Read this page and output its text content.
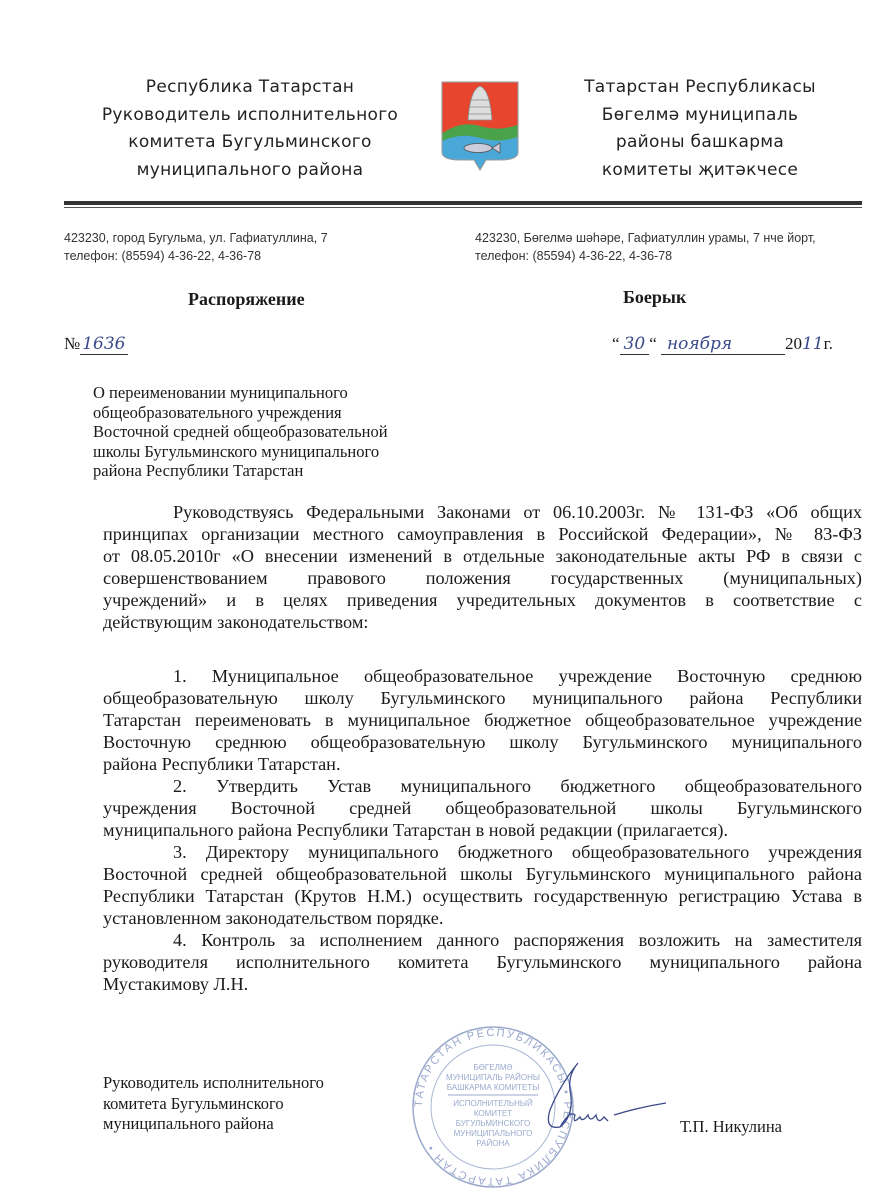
Республика Татарстан
Руководитель исполнительного
комитета Бугульминского
муниципального района
Татарстан Республикасы
Бөгелмә муниципаль
районы башкарма
комитеты җитәкчесе
423230, город Бугульма, ул. Гафиатуллина, 7
телефон: (85594) 4-36-22, 4-36-78
423230, Бөгелмә шәһәре, Гафиатуллин урамы, 7 нче йорт,
телефон: (85594) 4-36-22, 4-36-78
Распоряжение	Боерык
№ 1636	“ 30 “ ноября	2011г.
О переименовании муниципального
общеобразовательного учреждения
Восточной средней общеобразовательной
школы Бугульминского муниципального
района Республики Татарстан
Руководствуясь Федеральными Законами от 06.10.2003г. № 131-ФЗ «Об общих
принципах организации местного самоуправления в Российской Федерации», № 83-ФЗ
от 08.05.2010г «О внесении изменений в отдельные законодательные акты РФ в связи с
совершенствованием правового положения государственных (муниципальных)
учреждений» и в целях приведения учредительных документов в соответствие с
действующим законодательством:
1. Муниципальное общеобразовательное учреждение Восточную среднюю
общеобразовательную школу Бугульминского муниципального района Республики
Татарстан переименовать в муниципальное бюджетное общеобразовательное учреждение
Восточную среднюю общеобразовательную школу Бугульминского муниципального
района Республики Татарстан.
2. Утвердить Устав муниципального бюджетного общеобразовательного
учреждения Восточной средней общеобразовательной школы Бугульминского
муниципального района Республики Татарстан в новой редакции (прилагается).
3. Директору муниципального бюджетного общеобразовательного учреждения
Восточной средней общеобразовательной школы Бугульминского муниципального района
Республики Татарстан (Крутов Н.М.) осуществить государственную регистрацию Устава в
установленном законодательством порядке.
4. Контроль за исполнением данного распоряжения возложить на заместителя
руководителя исполнительного комитета Бугульминского муниципального района
Мустакимову Л.Н.
Руководитель исполнительного
комитета Бугульминского
муниципального района
ТАТАРСТАН РЕСПУБЛИКАСЫ • РЕСПУБЛИКА ТАТАРСТАН •
БӨГЕЛМӘ
МУНИЦИПАЛЬ РАЙОНЫ
БАШКАРМА КОМИТЕТЫ
ИСПОЛНИТЕЛЬНЫЙ
КОМИТЕТ
БУГУЛЬМИНСКОГО
МУНИЦИПАЛЬНОГО
РАЙОНА
Т.П. Никулина
